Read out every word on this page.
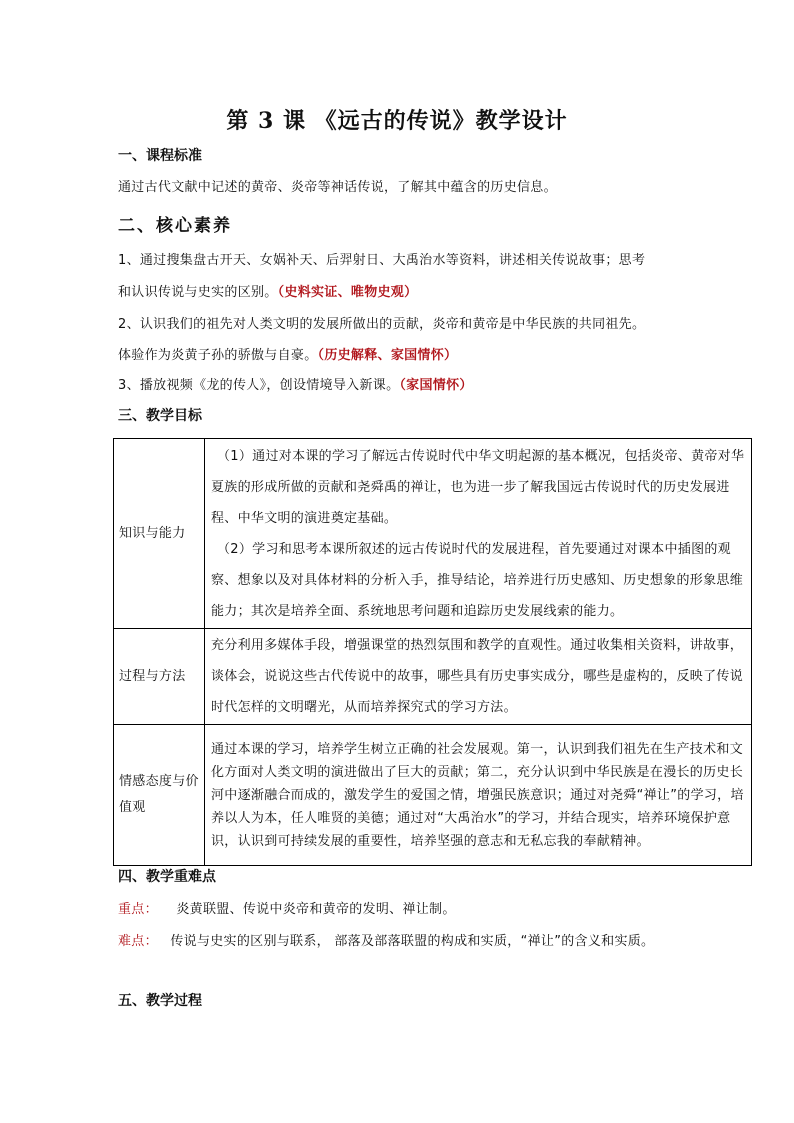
第 3 课 《远古的传说》教学设计
一、课程标准
通过古代文献中记述的黄帝、炎帝等神话传说，了解其中蕴含的历史信息。
二、核心素养
1、通过搜集盘古开天、女娲补天、后羿射日、大禹治水等资料，讲述相关传说故事；思考
和认识传说与史实的区别。（史料实证、唯物史观）
2、认识我们的祖先对人类文明的发展所做出的贡献，炎帝和黄帝是中华民族的共同祖先。
体验作为炎黄子孙的骄傲与自豪。（历史解释、家国情怀）
3、播放视频《龙的传人》，创设情境导入新课。（家国情怀）
三、教学目标
知识与能力	（1）通过对本课的学习了解远古传说时代中华文明起源的基本概况，包括炎帝、黄帝对华夏族的形成所做的贡献和尧舜禹的禅让，也为进一步了解我国远古传说时代的历史发展进程、中华文明的演进奠定基础。
（2）学习和思考本课所叙述的远古传说时代的发展进程，首先要通过对课本中插图的观察、想象以及对具体材料的分析入手，推导结论，培养进行历史感知、历史想象的形象思维能力；其次是培养全面、系统地思考问题和追踪历史发展线索的能力。

过程与方法	充分利用多媒体手段，增强课堂的热烈氛围和教学的直观性。通过收集相关资料，讲故事，谈体会，说说这些古代传说中的故事，哪些具有历史事实成分，哪些是虚构的，反映了传说时代怎样的文明曙光，从而培养探究式的学习方法。
情感态度与价值观	通过本课的学习，培养学生树立正确的社会发展观。第一，认识到我们祖先在生产技术和文化方面对人类文明的演进做出了巨大的贡献；第二，充分认识到中华民族是在漫长的历史长河中逐渐融合而成的，激发学生的爱国之情，增强民族意识；通过对尧舜“禅让”的学习，培养以人为本，任人唯贤的美德；通过对“大禹治水”的学习，并结合现实，培养环境保护意识，认识到可持续发展的重要性，培养坚强的意志和无私忘我的奉献精神。
四、教学重难点
重点： 炎黄联盟、传说中炎帝和黄帝的发明、禅让制。
难点： 传说与史实的区别与联系， 部落及部落联盟的构成和实质，“禅让”的含义和实质。
五、教学过程
